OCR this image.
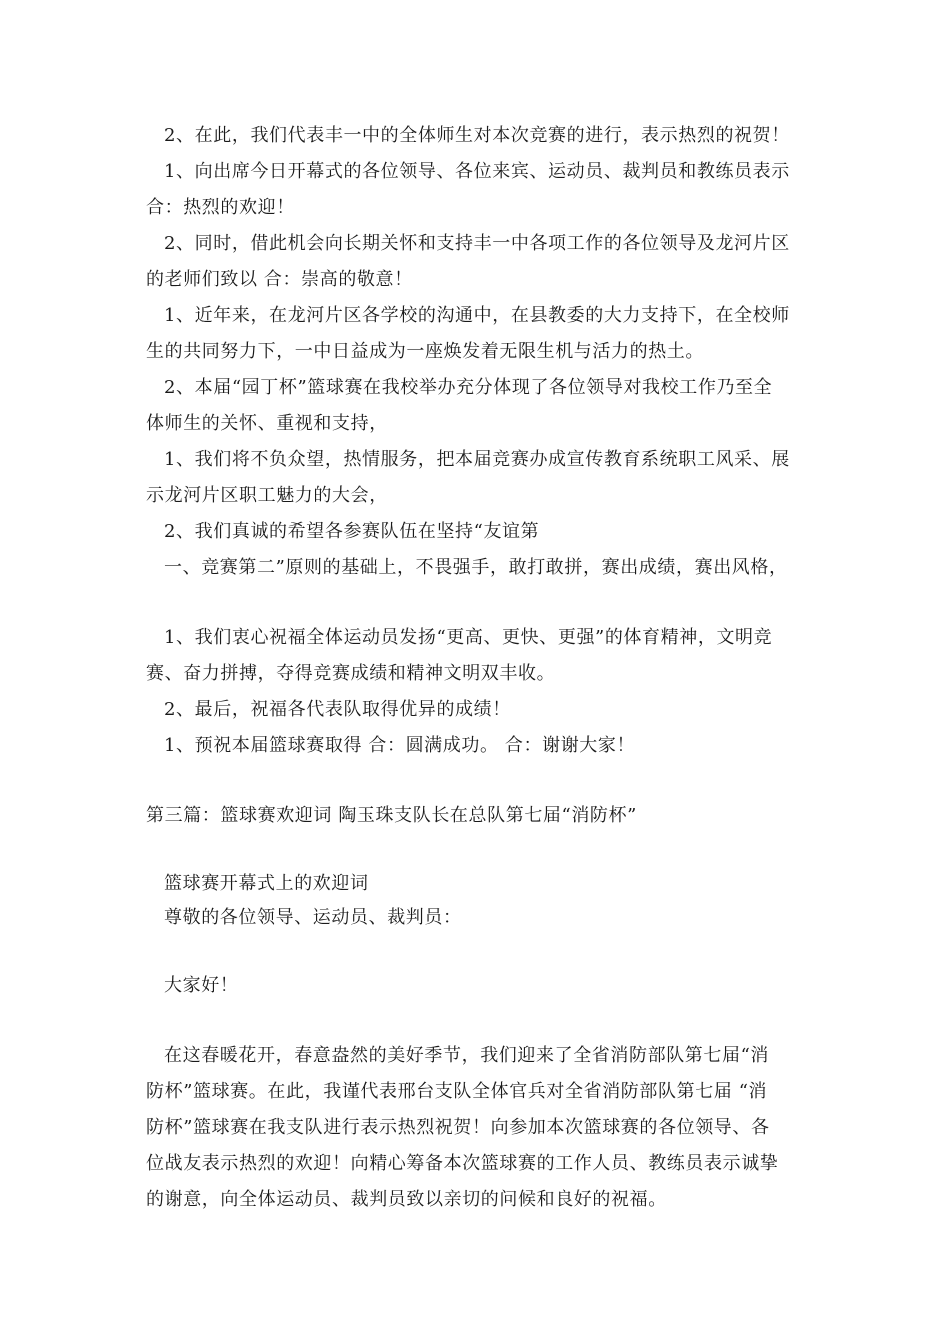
2、在此，我们代表丰一中的全体师生对本次竞赛的进行，表示热烈的祝贺！
1、向出席今日开幕式的各位领导、各位来宾、运动员、裁判员和教练员表示
合：热烈的欢迎！
2、同时，借此机会向长期关怀和支持丰一中各项工作的各位领导及龙河片区
的老师们致以 合：崇高的敬意！
1、近年来，在龙河片区各学校的沟通中，在县教委的大力支持下，在全校师
生的共同努力下，一中日益成为一座焕发着无限生机与活力的热土。
2、本届“园丁杯”篮球赛在我校举办充分体现了各位领导对我校工作乃至全
体师生的关怀、重视和支持，
1、我们将不负众望，热情服务，把本届竞赛办成宣传教育系统职工风采、展
示龙河片区职工魅力的大会，
2、我们真诚的希望各参赛队伍在坚持“友谊第
一、竞赛第二”原则的基础上，不畏强手，敢打敢拼，赛出成绩，赛出风格，
1、我们衷心祝福全体运动员发扬“更高、更快、更强”的体育精神，文明竞
赛、奋力拼搏，夺得竞赛成绩和精神文明双丰收。
2、最后，祝福各代表队取得优异的成绩！
1、预祝本届篮球赛取得 合：圆满成功。 合：谢谢大家！
第三篇：篮球赛欢迎词 陶玉珠支队长在总队第七届“消防杯”
篮球赛开幕式上的欢迎词
尊敬的各位领导、运动员、裁判员：
大家好！
在这春暖花开，春意盎然的美好季节，我们迎来了全省消防部队第七届“消
防杯”篮球赛。在此，我谨代表邢台支队全体官兵对全省消防部队第七届 “消
防杯”篮球赛在我支队进行表示热烈祝贺！向参加本次篮球赛的各位领导、各
位战友表示热烈的欢迎！向精心筹备本次篮球赛的工作人员、教练员表示诚挚
的谢意，向全体运动员、裁判员致以亲切的问候和良好的祝福。
